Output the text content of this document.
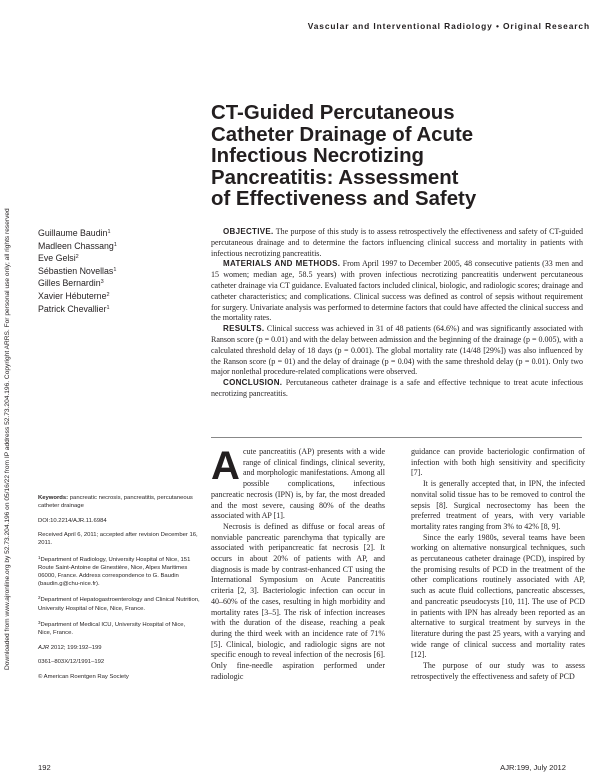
Vascular and Interventional Radiology • Original Research
Downloaded from www.ajronline.org by 52.73.204.196 on 05/16/22 from IP address 52.73.204.196. Copyright ARRS. For personal use only; all rights reserved
CT-Guided Percutaneous
Catheter Drainage of Acute
Infectious Necrotizing
Pancreatitis: Assessment
of Effectiveness and Safety
Guillaume Baudin$^1$
Madleen Chassang$^1$
Eve Gelsi$^2$
Sébastien Novellas$^1$
Gilles Bernardin$^3$
Xavier Hébuterne$^2$
Patrick Chevallier$^1$

OBJECTIVE. The purpose of this study is to assess retrospectively the effectiveness and safety of CT-guided percutaneous drainage and to determine the factors influencing clinical success and mortality in patients with infectious necrotizing pancreatitis.

MATERIALS AND METHODS. From April 1997 to December 2005, 48 consecutive patients (33 men and 15 women; median age, 58.5 years) with proven infectious necrotizing pancreatitis underwent percutaneous catheter drainage via CT guidance. Evaluated factors included clinical, biologic, and radiologic scores; drainage and catheter characteristics; and complications. Clinical success was defined as control of sepsis without requirement for surgery. Univariate analysis was performed to determine factors that could have affected the clinical success and the mortality rates.

RESULTS. Clinical success was achieved in 31 of 48 patients (64.6%) and was significantly associated with Ranson score (p = 0.01) and with the delay between admission and the beginning of the drainage (p = 0.005), with a calculated threshold delay of 18 days (p = 0.001). The global mortality rate (14/48 [29%]) was also influenced by the Ranson score (p = 01) and the delay of drainage (p = 0.04) with the same threshold delay (p = 0.01). Only two major nonlethal procedure-related complications were observed.

CONCLUSION. Percutaneous catheter drainage is a safe and effective technique to treat acute infectious necrotizing pancreatitis.

Keywords: pancreatic necrosis, pancreatitis, percutaneous catheter drainage

DOI:10.2214/AJR.11.6984

Received April 6, 2011; accepted after revision December 16, 2011.

$^1$Department of Radiology, University Hospital of Nice, 151 Route Saint-Antoine de Ginestière, Nice, Alpes Maritimes 06000, France. Address correspondence to G. Baudin (baudin.g@chu-nice.fr).

$^2$Department of Hepatogastroenterology and Clinical Nutrition, University Hospital of Nice, Nice, France.

$^3$Department of Medical ICU, University Hospital of Nice, Nice, France.

AJR 2012; 199:192–199

0361–803X/12/1991–192

© American Roentgen Ray Society

Acute pancreatitis (AP) presents with a wide range of clinical findings, clinical severity, and morphologic manifestations. Among all possible complications, infectious pancreatic necrosis (IPN) is, by far, the most dreaded and the most severe, causing 80% of the deaths associated with AP [1].

Necrosis is defined as diffuse or focal areas of nonviable pancreatic parenchyma that typically are associated with peripancreatic fat necrosis [2]. It occurs in about 20% of patients with AP, and diagnosis is made by contrast-enhanced CT using the International Symposium on Acute Pancreatitis criteria [2, 3]. Bacteriologic infection can occur in 40–60% of the cases, resulting in high morbidity and mortality rates [3–5]. The risk of infection increases with the duration of the disease, reaching a peak during the third week with an incidence rate of 71% [5]. Clinical, biologic, and radiologic signs are not specific enough to reveal infection of the necrosis [6]. Only fine-needle aspiration performed under radiologic

guidance can provide bacteriologic confirmation of infection with both high sensitivity and specificity [7].

It is generally accepted that, in IPN, the infected nonvital solid tissue has to be removed to control the sepsis [8]. Surgical necrosectomy has been the preferred treatment of years, with very variable mortality rates ranging from 3% to 42% [8, 9].

Since the early 1980s, several teams have been working on alternative nonsurgical techniques, such as percutaneous catheter drainage (PCD), inspired by the promising results of PCD in the treatment of the other complications routinely associated with AP, such as acute fluid collections, pancreatic abscesses, and pancreatic pseudocysts [10, 11]. The use of PCD in patients with IPN has already been reported as an alternative to surgical treatment by surveys in the literature during the past 25 years, with a varying and wide range of clinical success and mortality rates [12].

The purpose of our study was to assess retrospectively the effectiveness and safety of PCD

192	AJR:199, July 2012
